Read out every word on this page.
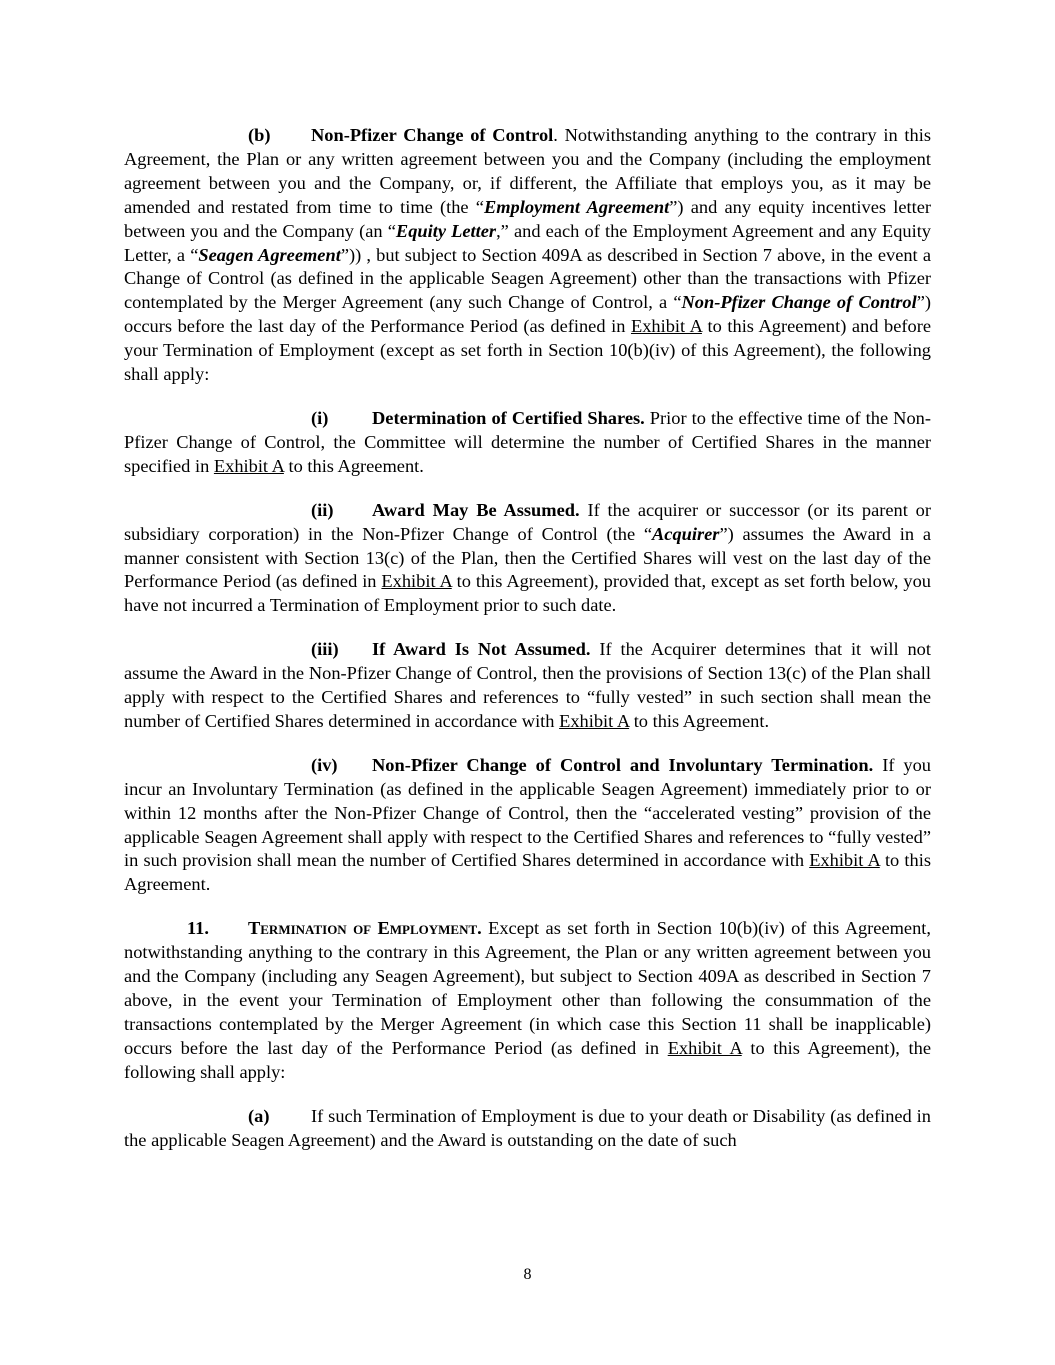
(b) Non-Pfizer Change of Control. Notwithstanding anything to the contrary in this Agreement, the Plan or any written agreement between you and the Company (including the employment agreement between you and the Company, or, if different, the Affiliate that employs you, as it may be amended and restated from time to time (the “Employment Agreement”) and any equity incentives letter between you and the Company (an “Equity Letter,” and each of the Employment Agreement and any Equity Letter, a “Seagen Agreement”)) , but subject to Section 409A as described in Section 7 above, in the event a Change of Control (as defined in the applicable Seagen Agreement) other than the transactions with Pfizer contemplated by the Merger Agreement (any such Change of Control, a “Non-Pfizer Change of Control”) occurs before the last day of the Performance Period (as defined in Exhibit A to this Agreement) and before your Termination of Employment (except as set forth in Section 10(b)(iv) of this Agreement), the following shall apply:

(i) Determination of Certified Shares. Prior to the effective time of the Non-Pfizer Change of Control, the Committee will determine the number of Certified Shares in the manner specified in Exhibit A to this Agreement.

(ii) Award May Be Assumed. If the acquirer or successor (or its parent or subsidiary corporation) in the Non-Pfizer Change of Control (the “Acquirer”) assumes the Award in a manner consistent with Section 13(c) of the Plan, then the Certified Shares will vest on the last day of the Performance Period (as defined in Exhibit A to this Agreement), provided that, except as set forth below, you have not incurred a Termination of Employment prior to such date.

(iii) If Award Is Not Assumed. If the Acquirer determines that it will not assume the Award in the Non-Pfizer Change of Control, then the provisions of Section 13(c) of the Plan shall apply with respect to the Certified Shares and references to “fully vested” in such section shall mean the number of Certified Shares determined in accordance with Exhibit A to this Agreement.

(iv) Non-Pfizer Change of Control and Involuntary Termination. If you incur an Involuntary Termination (as defined in the applicable Seagen Agreement) immediately prior to or within 12 months after the Non-Pfizer Change of Control, then the “accelerated vesting” provision of the applicable Seagen Agreement shall apply with respect to the Certified Shares and references to “fully vested” in such provision shall mean the number of Certified Shares determined in accordance with Exhibit A to this Agreement.

11. Termination of Employment. Except as set forth in Section 10(b)(iv) of this Agreement, notwithstanding anything to the contrary in this Agreement, the Plan or any written agreement between you and the Company (including any Seagen Agreement), but subject to Section 409A as described in Section 7 above, in the event your Termination of Employment other than following the consummation of the transactions contemplated by the Merger Agreement (in which case this Section 11 shall be inapplicable) occurs before the last day of the Performance Period (as defined in Exhibit A to this Agreement), the following shall apply:

(a) If such Termination of Employment is due to your death or Disability (as defined in the applicable Seagen Agreement) and the Award is outstanding on the date of such

8
